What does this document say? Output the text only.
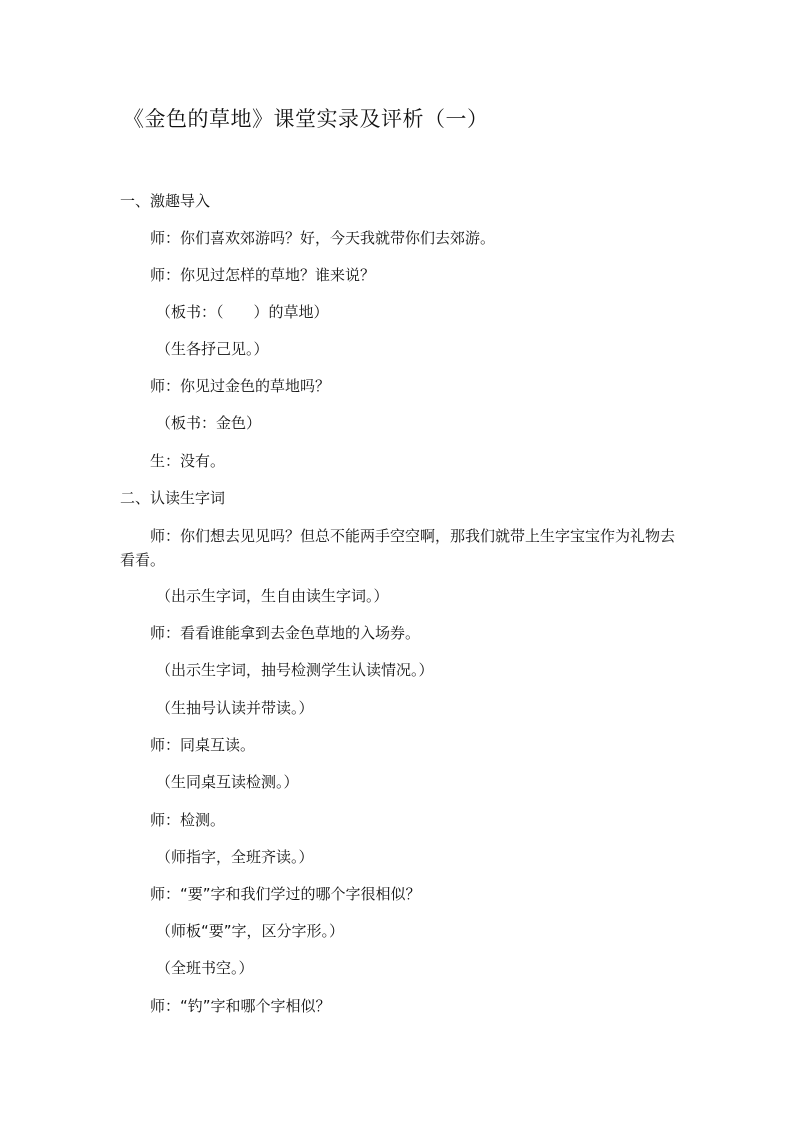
《金色的草地》课堂实录及评析（一）
一、激趣导入
师：你们喜欢郊游吗？好，今天我就带你们去郊游。
师：你见过怎样的草地？谁来说？
（板书：（　　）的草地）
（生各抒己见。）
师：你见过金色的草地吗？
（板书：金色）
生：没有。
二、认读生字词
师：你们想去见见吗？但总不能两手空空啊，那我们就带上生字宝宝作为礼物去看看。
（出示生字词，生自由读生字词。）
师：看看谁能拿到去金色草地的入场券。
（出示生字词，抽号检测学生认读情况。）
（生抽号认读并带读。）
师：同桌互读。
（生同桌互读检测。）
师：检测。
（师指字，全班齐读。）
师：“要”字和我们学过的哪个字很相似？
（师板“要”字，区分字形。）
（全班书空。）
师：“钓”字和哪个字相似？
